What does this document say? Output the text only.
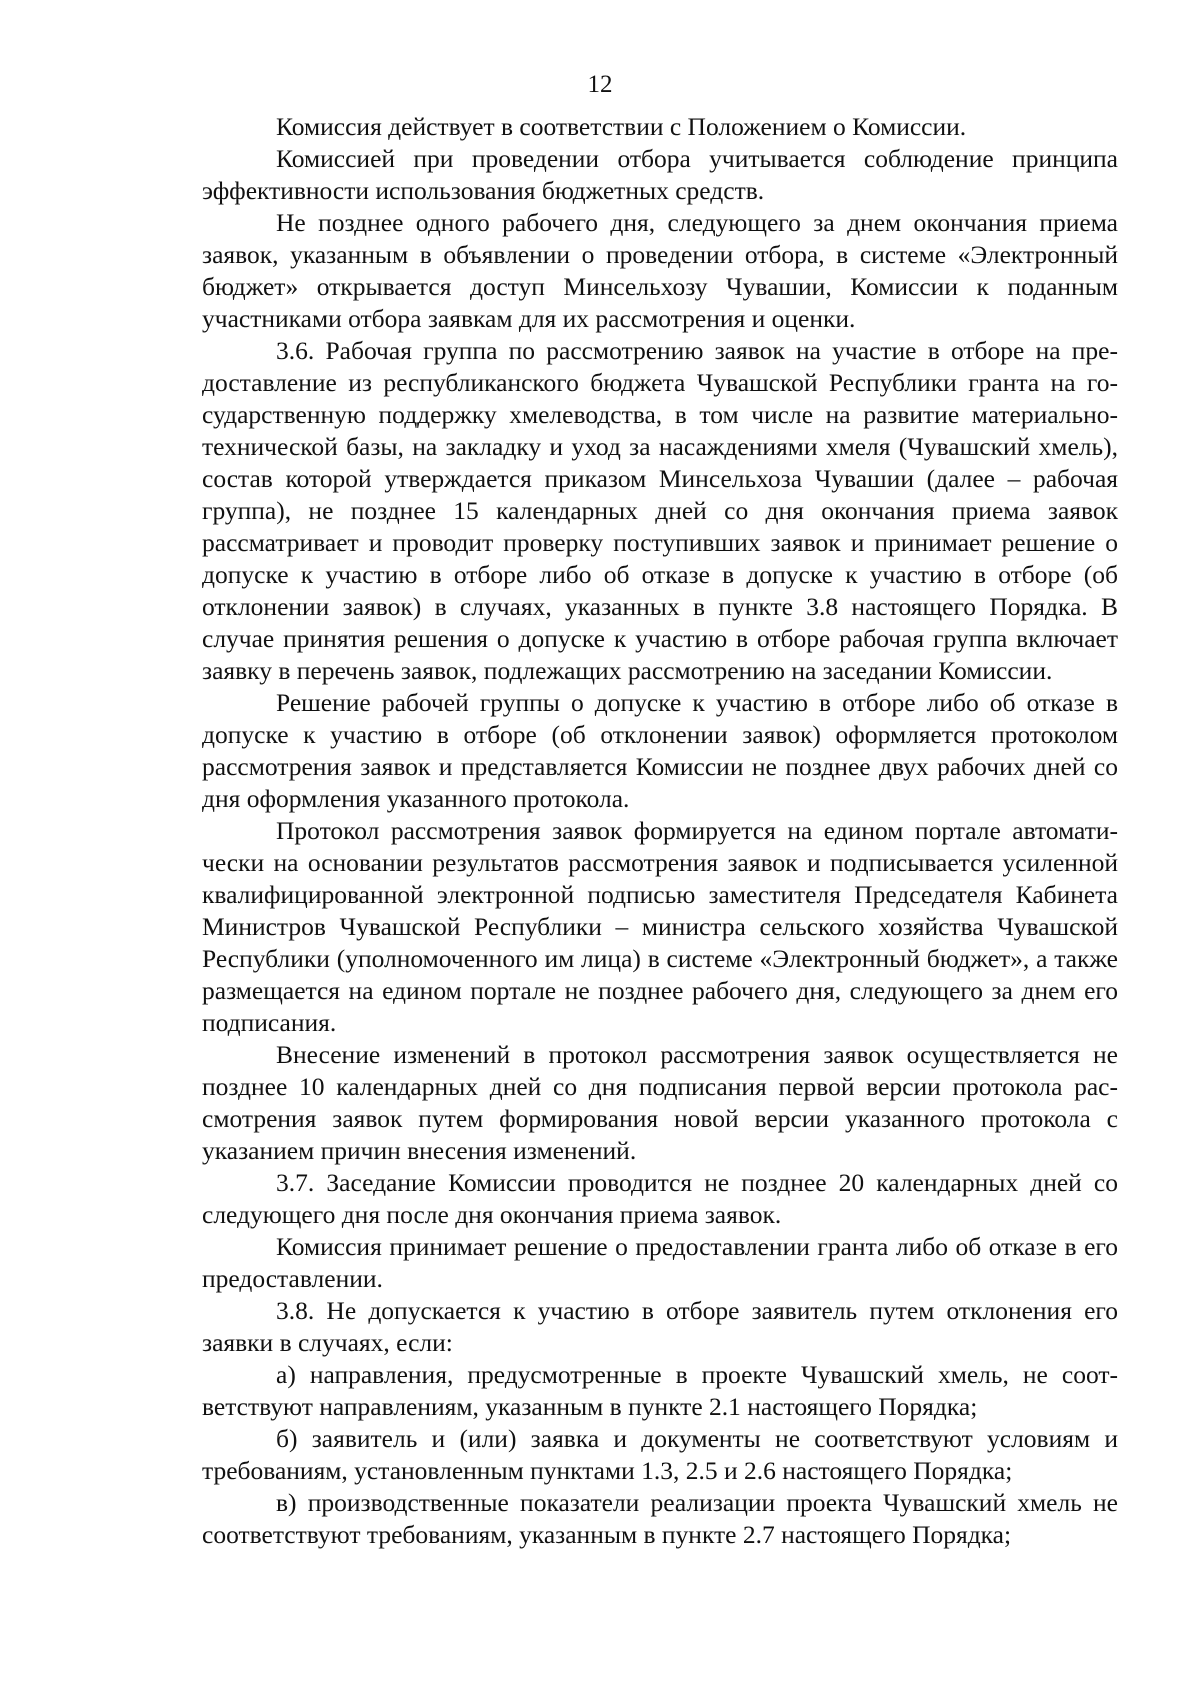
12

Комиссия действует в соответствии с Положением о Комиссии.

Комиссией при проведении отбора учитывается соблюдение принципа эффективности использования бюджетных средств.

Не позднее одного рабочего дня, следующего за днем окончания приема заявок, указанным в объявлении о проведении отбора, в системе «Электронный бюджет» открывается доступ Минсельхозу Чувашии, Комиссии к поданным участниками отбора заявкам для их рассмотрения и оценки.

3.6. Рабочая группа по рассмотрению заявок на участие в отборе на предоставление из республиканского бюджета Чувашской Республики гранта на государственную поддержку хмелеводства, в том числе на развитие материально-технической базы, на закладку и уход за насаждениями хмеля (Чувашский хмель), состав которой утверждается приказом Минсельхоза Чувашии (далее – рабочая группа), не позднее 15 календарных дней со дня окончания приема заявок рассматривает и проводит проверку поступивших заявок и принимает решение о допуске к участию в отборе либо об отказе в допуске к участию в отборе (об отклонении заявок) в случаях, указанных в пункте 3.8 настоящего Порядка. В случае принятия решения о допуске к участию в отборе рабочая группа включает заявку в перечень заявок, подлежащих рассмотрению на заседании Комиссии.

Решение рабочей группы о допуске к участию в отборе либо об отказе в допуске к участию в отборе (об отклонении заявок) оформляется протоколом рассмотрения заявок и представляется Комиссии не позднее двух рабочих дней со дня оформления указанного протокола.

Протокол рассмотрения заявок формируется на едином портале автоматически на основании результатов рассмотрения заявок и подписывается усиленной квалифицированной электронной подписью заместителя Председателя Кабинета Министров Чувашской Республики – министра сельского хозяйства Чувашской Республики (уполномоченного им лица) в системе «Электронный бюджет», а также размещается на едином портале не позднее рабочего дня, следующего за днем его подписания.

Внесение изменений в протокол рассмотрения заявок осуществляется не позднее 10 календарных дней со дня подписания первой версии протокола рассмотрения заявок путем формирования новой версии указанного протокола с указанием причин внесения изменений.

3.7. Заседание Комиссии проводится не позднее 20 календарных дней со следующего дня после дня окончания приема заявок.

Комиссия принимает решение о предоставлении гранта либо об отказе в его предоставлении.

3.8. Не допускается к участию в отборе заявитель путем отклонения его заявки в случаях, если:

а) направления, предусмотренные в проекте Чувашский хмель, не соответствуют направлениям, указанным в пункте 2.1 настоящего Порядка;

б) заявитель и (или) заявка и документы не соответствуют условиям и требованиям, установленным пунктами 1.3, 2.5 и 2.6 настоящего Порядка;

в) производственные показатели реализации проекта Чувашский хмель не соответствуют требованиям, указанным в пункте 2.7 настоящего Порядка;
